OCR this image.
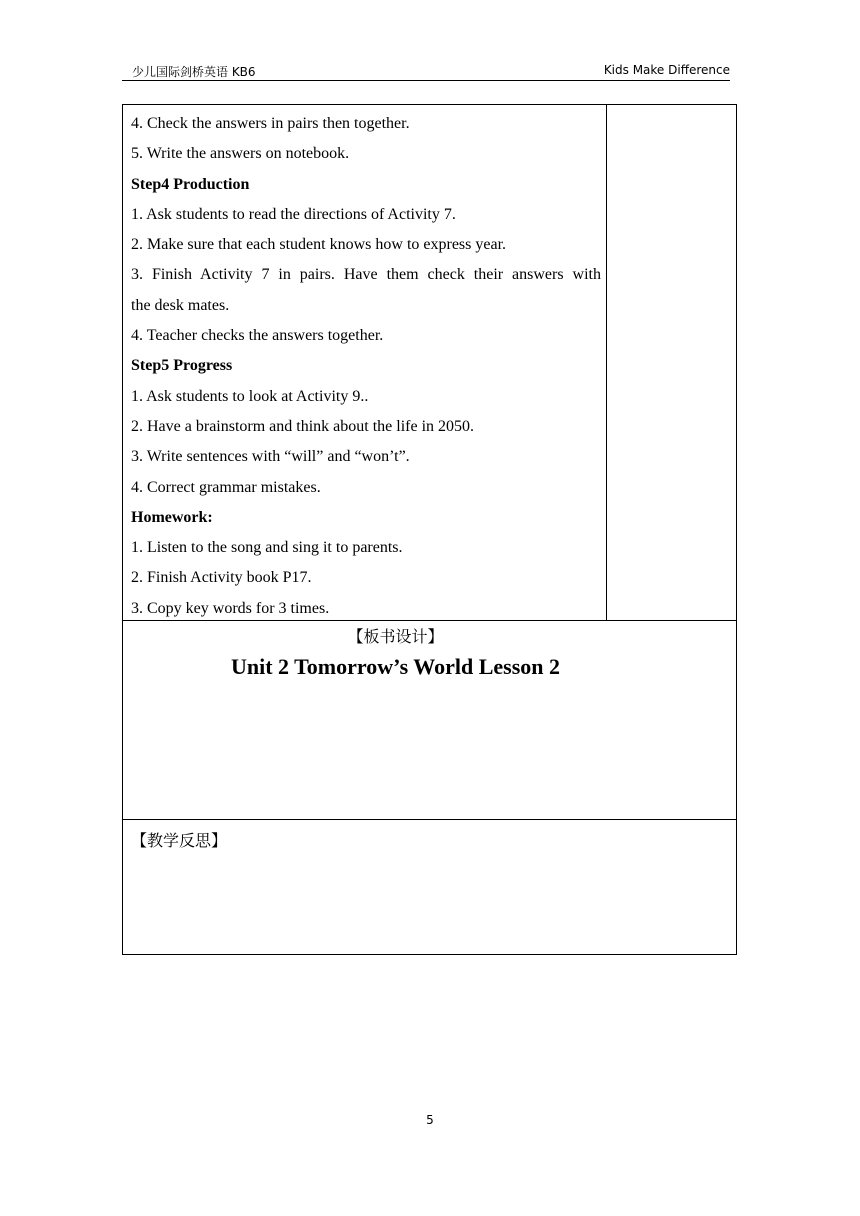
少儿国际剑桥英语 KB6	Kids Make Difference
4. Check the answers in pairs then together.
5. Write the answers on notebook.
Step4 Production
1. Ask students to read the directions of Activity 7.
2. Make sure that each student knows how to express year.
3. Finish Activity 7 in pairs. Have them check their answers with
the desk mates.
4. Teacher checks the answers together.
Step5 Progress
1. Ask students to look at Activity 9..
2. Have a brainstorm and think about the life in 2050.
3. Write sentences with “will” and “won’t”.
4. Correct grammar mistakes.
Homework:
1. Listen to the song and sing it to parents.
2. Finish Activity book P17.
3. Copy key words for 3 times.
【板书设计】
Unit 2 Tomorrow’s World Lesson 2
【教学反思】
5
